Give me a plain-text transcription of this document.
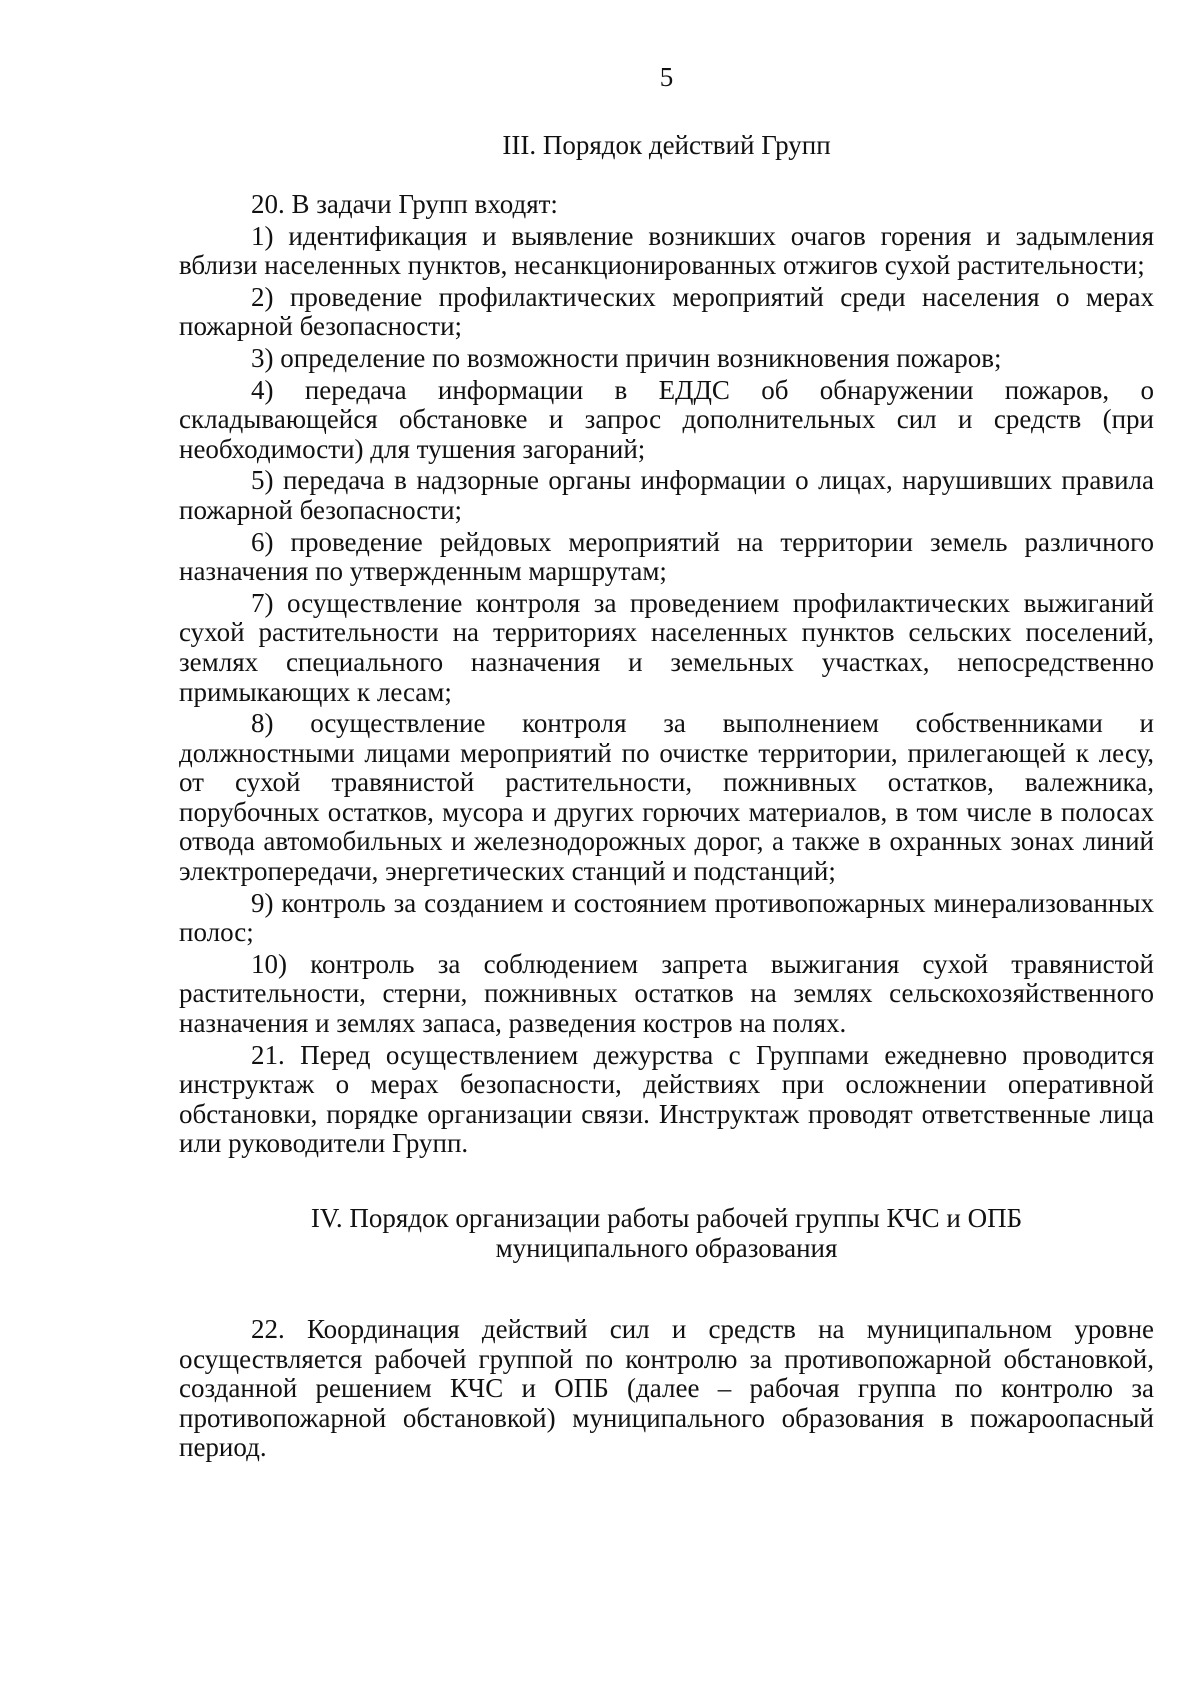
5
III. Порядок действий Групп

20. В задачи Групп входят:

1) идентификация и выявление возникших очагов горения и задымления вблизи населенных пунктов, несанкционированных отжигов сухой растительности;

2) проведение профилактических мероприятий среди населения о мерах пожарной безопасности;

3) определение по возможности причин возникновения пожаров;

4) передача информации в ЕДДС об обнаружении пожаров, о складывающейся обстановке и запрос дополнительных сил и средств (при необходимости) для тушения загораний;

5) передача в надзорные органы информации о лицах, нарушивших правила пожарной безопасности;

6) проведение рейдовых мероприятий на территории земель различного назначения по утвержденным маршрутам;

7) осуществление контроля за проведением профилактических выжиганий сухой растительности на территориях населенных пунктов сельских поселений, землях специального назначения и земельных участках, непосредственно примыкающих к лесам;

8) осуществление контроля за выполнением собственниками и должностными лицами мероприятий по очистке территории, прилегающей к лесу, от сухой травянистой растительности, пожнивных остатков, валежника, порубочных остатков, мусора и других горючих материалов, в том числе в полосах отвода автомобильных и железнодорожных дорог, а также в охранных зонах линий электропередачи, энергетических станций и подстанций;

9) контроль за созданием и состоянием противопожарных минерализованных полос;

10) контроль за соблюдением запрета выжигания сухой травянистой растительности, стерни, пожнивных остатков на землях сельскохозяйственного назначения и землях запаса, разведения костров на полях.

21. Перед осуществлением дежурства с Группами ежедневно проводится инструктаж о мерах безопасности, действиях при осложнении оперативной обстановки, порядке организации связи. Инструктаж проводят ответственные лица или руководители Групп.

IV. Порядок организации работы рабочей группы КЧС и ОПБ
муниципального образования

22. Координация действий сил и средств на муниципальном уровне осуществляется рабочей группой по контролю за противопожарной обстановкой, созданной решением КЧС и ОПБ (далее – рабочая группа по контролю за противопожарной обстановкой) муниципального образования в пожароопасный период.
